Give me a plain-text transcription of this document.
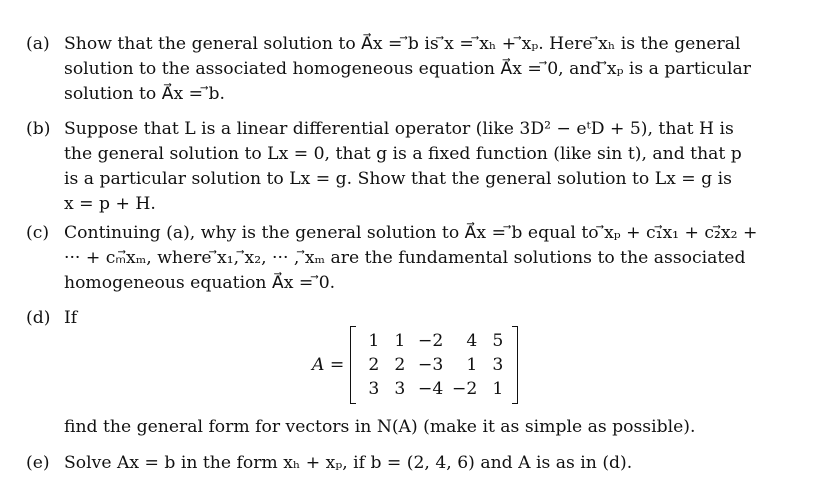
(a) Show that the general solution to A⃗x = ⃗b is ⃗x = ⃗xₕ + ⃗xₚ. Here ⃗xₕ is the general
solution to the associated homogeneous equation A⃗x = ⃗0, and ⃗xₚ is a particular
solution to A⃗x = ⃗b.
(b) Suppose that L is a linear differential operator (like 3D² − eᵗD + 5), that H is
the general solution to Lx = 0, that g is a fixed function (like sin t), and that p
is a particular solution to Lx = g. Show that the general solution to Lx = g is
x = p + H.
(c) Continuing (a), why is the general solution to A⃗x = ⃗b equal to ⃗xₚ + c₁⃗x₁ + c₂⃗x₂ +
··· + cₘ⃗xₘ, where ⃗x₁, ⃗x₂, ··· , ⃗xₘ are the fundamental solutions to the associated
homogeneous equation A⃗x = ⃗0.
(d) If
A =
1 1 −2	4 5
2 2 −3	1 3
3 3 −4 −2 1
find the general form for vectors in N(A) (make it as simple as possible).
(e) Solve Ax = b in the form xₕ + xₚ, if b = (2, 4, 6) and A is as in (d).
